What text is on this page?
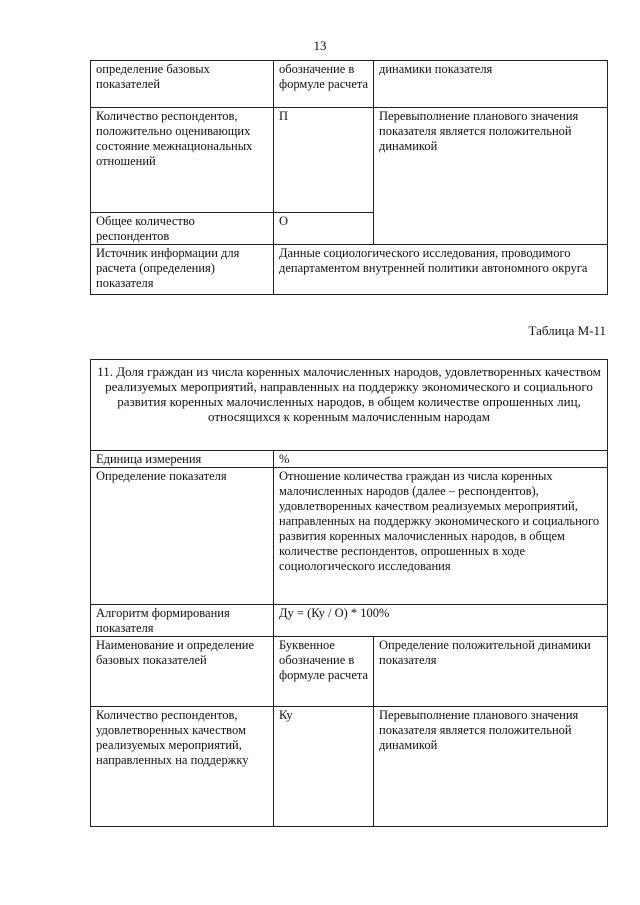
13
определение базовых показателей	обозначение в формуле расчета	динамики показателя
Количество респондентов, положительно оценивающих состояние межнациональных отношений	П	Перевыполнение планового значения показателя является положительной динамикой
Общее количество респондентов	О	
Источник информации для расчета (определения) показателя	Данные социологического исследования, проводимого департаментом внутренней политики автономного округа	
Таблица М-11
11. Доля граждан из числа коренных малочисленных народов, удовлетворенных качеством реализуемых мероприятий, направленных на поддержку экономического и социального развития коренных малочисленных народов, в общем количестве опрошенных лиц, относящихся к коренным малочисленным народам		
Единица измерения	%	
Определение показателя	Отношение количества граждан из числа коренных малочисленных народов (далее – респондентов), удовлетворенных качеством реализуемых мероприятий, направленных на поддержку экономического и социального развития коренных малочисленных народов, в общем количестве респондентов, опрошенных в ходе социологического исследования	
Алгоритм формирования показателя	Ду = (Ку / О) * 100%	
Наименование и определение базовых показателей	Буквенное обозначение в формуле расчета	Определение положительной динамики показателя
Количество респондентов, удовлетворенных качеством реализуемых мероприятий, направленных на поддержку	Ку	Перевыполнение планового значения показателя является положительной динамикой
